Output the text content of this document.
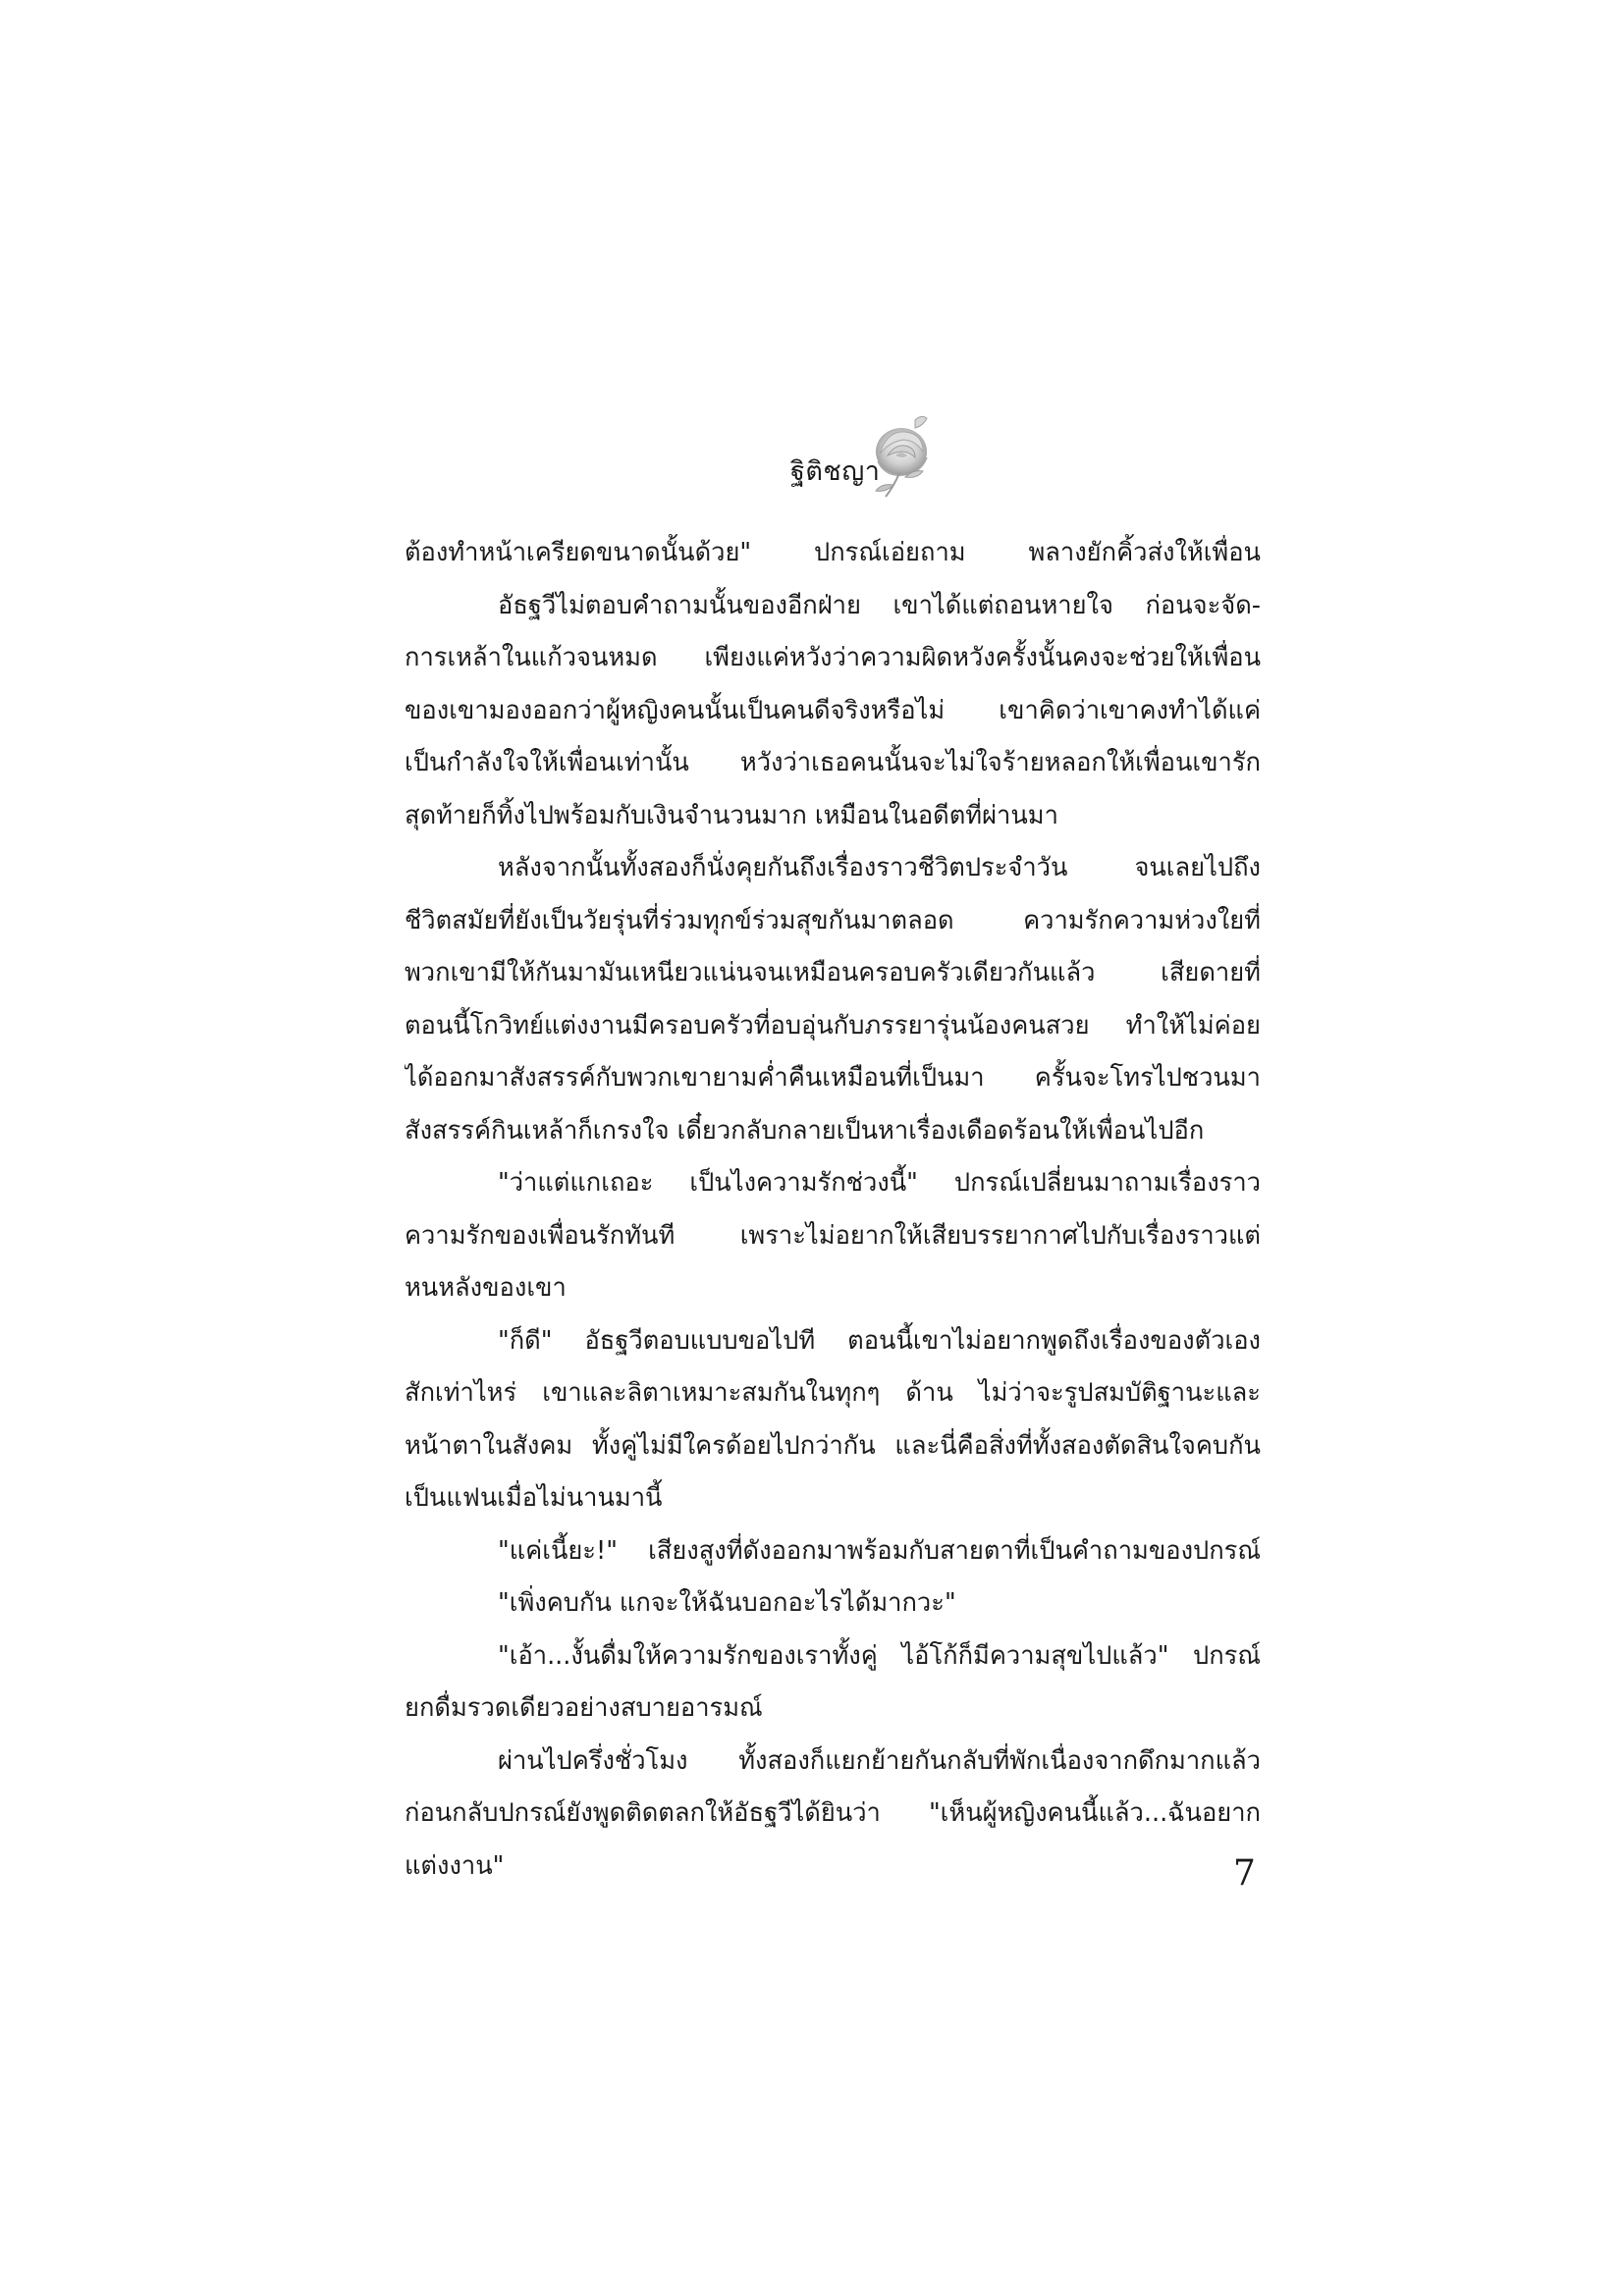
ฐิติชญา
ต้องทำหน้าเครียดขนาดนั้นด้วย" ปกรณ์เอ่ยถาม พลางยักคิ้วส่งให้เพื่อน
อัธฐวีไม่ตอบคำถามนั้นของอีกฝ่าย เขาได้แต่ถอนหายใจ ก่อนจะจัด-
การเหล้าในแก้วจนหมด เพียงแค่หวังว่าความผิดหวังครั้งนั้นคงจะช่วยให้เพื่อน
ของเขามองออกว่าผู้หญิงคนนั้นเป็นคนดีจริงหรือไม่ เขาคิดว่าเขาคงทำได้แค่
เป็นกำลังใจให้เพื่อนเท่านั้น หวังว่าเธอคนนั้นจะไม่ใจร้ายหลอกให้เพื่อนเขารัก
สุดท้ายก็ทิ้งไปพร้อมกับเงินจำนวนมาก เหมือนในอดีตที่ผ่านมา
หลังจากนั้นทั้งสองก็นั่งคุยกันถึงเรื่องราวชีวิตประจำวัน จนเลยไปถึง
ชีวิตสมัยที่ยังเป็นวัยรุ่นที่ร่วมทุกข์ร่วมสุขกันมาตลอด ความรักความห่วงใยที่
พวกเขามีให้กันมามันเหนียวแน่นจนเหมือนครอบครัวเดียวกันแล้ว เสียดายที่
ตอนนี้โกวิทย์แต่งงานมีครอบครัวที่อบอุ่นกับภรรยารุ่นน้องคนสวย ทำให้ไม่ค่อย
ได้ออกมาสังสรรค์กับพวกเขายามค่ำคืนเหมือนที่เป็นมา ครั้นจะโทรไปชวนมา
สังสรรค์กินเหล้าก็เกรงใจ เดี๋ยวกลับกลายเป็นหาเรื่องเดือดร้อนให้เพื่อนไปอีก
"ว่าแต่แกเถอะ เป็นไงความรักช่วงนี้" ปกรณ์เปลี่ยนมาถามเรื่องราว
ความรักของเพื่อนรักทันที เพราะไม่อยากให้เสียบรรยากาศไปกับเรื่องราวแต่
หนหลังของเขา
"ก็ดี" อัธฐวีตอบแบบขอไปที ตอนนี้เขาไม่อยากพูดถึงเรื่องของตัวเอง
สักเท่าไหร่ เขาและลิตาเหมาะสมกันในทุกๆ ด้าน ไม่ว่าจะรูปสมบัติฐานะและ
หน้าตาในสังคม ทั้งคู่ไม่มีใครด้อยไปกว่ากัน และนี่คือสิ่งที่ทั้งสองตัดสินใจคบกัน
เป็นแฟนเมื่อไม่นานมานี้
"แค่เนี้ยะ!" เสียงสูงที่ดังออกมาพร้อมกับสายตาที่เป็นคำถามของปกรณ์
"เพิ่งคบกัน แกจะให้ฉันบอกอะไรได้มากวะ"
"เอ้า...งั้นดื่มให้ความรักของเราทั้งคู่ ไอ้โก้ก็มีความสุขไปแล้ว" ปกรณ์
ยกดื่มรวดเดียวอย่างสบายอารมณ์
ผ่านไปครึ่งชั่วโมง ทั้งสองก็แยกย้ายกันกลับที่พักเนื่องจากดึกมากแล้ว
ก่อนกลับปกรณ์ยังพูดติดตลกให้อัธฐวีได้ยินว่า "เห็นผู้หญิงคนนี้แล้ว...ฉันอยาก
แต่งงาน"	7
